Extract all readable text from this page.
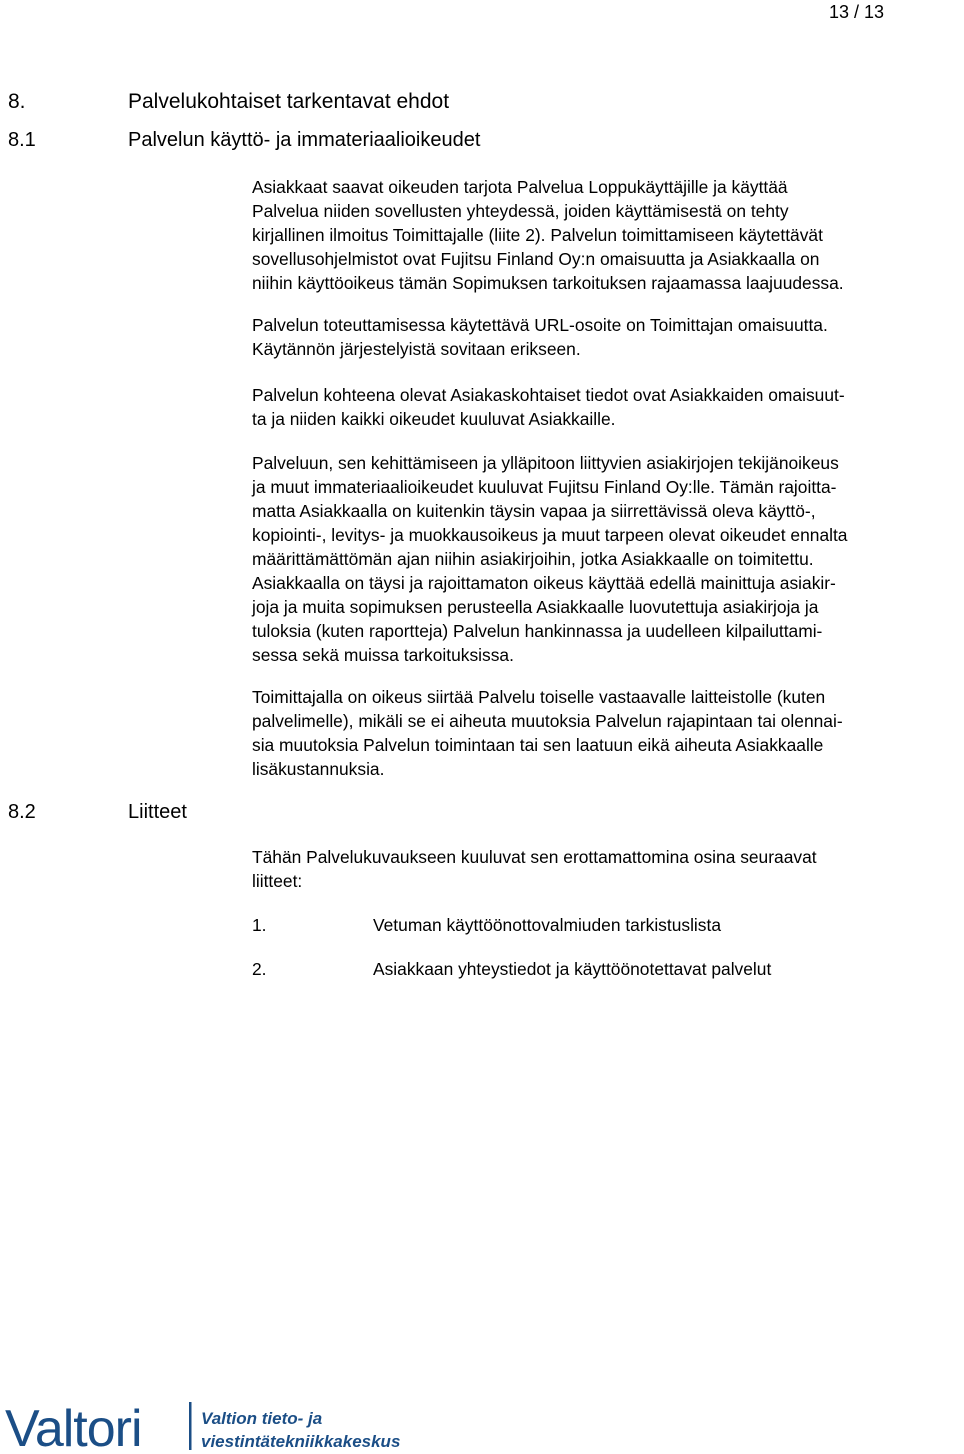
13 / 13
8.	Palvelukohtaiset tarkentavat ehdot
8.1	Palvelun käyttö- ja immateriaalioikeudet

Asiakkaat saavat oikeuden tarjota Palvelua Loppukäyttäjille ja käyttää
Palvelua niiden sovellusten yhteydessä, joiden käyttämisestä on tehty
kirjallinen ilmoitus Toimittajalle (liite 2). Palvelun toimittamiseen käytettävät
sovellusohjelmistot ovat Fujitsu Finland Oy:n omaisuutta ja Asiakkaalla on
niihin käyttöoikeus tämän Sopimuksen tarkoituksen rajaamassa laajuudessa.

Palvelun toteuttamisessa käytettävä URL-osoite on Toimittajan omaisuutta.
Käytännön järjestelyistä sovitaan erikseen.

Palvelun kohteena olevat Asiakaskohtaiset tiedot ovat Asiakkaiden omaisuut-
ta ja niiden kaikki oikeudet kuuluvat Asiakkaille.

Palveluun, sen kehittämiseen ja ylläpitoon liittyvien asiakirjojen tekijänoikeus
ja muut immateriaalioikeudet kuuluvat Fujitsu Finland Oy:lle. Tämän rajoitta-
matta Asiakkaalla on kuitenkin täysin vapaa ja siirrettävissä oleva käyttö-,
kopiointi-, levitys- ja muokkausoikeus ja muut tarpeen olevat oikeudet ennalta
määrittämättömän ajan niihin asiakirjoihin, jotka Asiakkaalle on toimitettu.
Asiakkaalla on täysi ja rajoittamaton oikeus käyttää edellä mainittuja asiakir-
joja ja muita sopimuksen perusteella Asiakkaalle luovutettuja asiakirjoja ja
tuloksia (kuten raportteja) Palvelun hankinnassa ja uudelleen kilpailuttami-
sessa sekä muissa tarkoituksissa.

Toimittajalla on oikeus siirtää Palvelu toiselle vastaavalle laitteistolle (kuten
palvelimelle), mikäli se ei aiheuta muutoksia Palvelun rajapintaan tai olennai-
sia muutoksia Palvelun toimintaan tai sen laatuun eikä aiheuta Asiakkaalle
lisäkustannuksia.

8.2	Liitteet

Tähän Palvelukuvaukseen kuuluvat sen erottamattomina osina seuraavat
liitteet:

1.	Vetuman käyttöönottovalmiuden tarkistuslista
2.	Asiakkaan yhteystiedot ja käyttöönotettavat palvelut
Valtori	Valtion tieto- ja
viestintätekniikkakeskus
